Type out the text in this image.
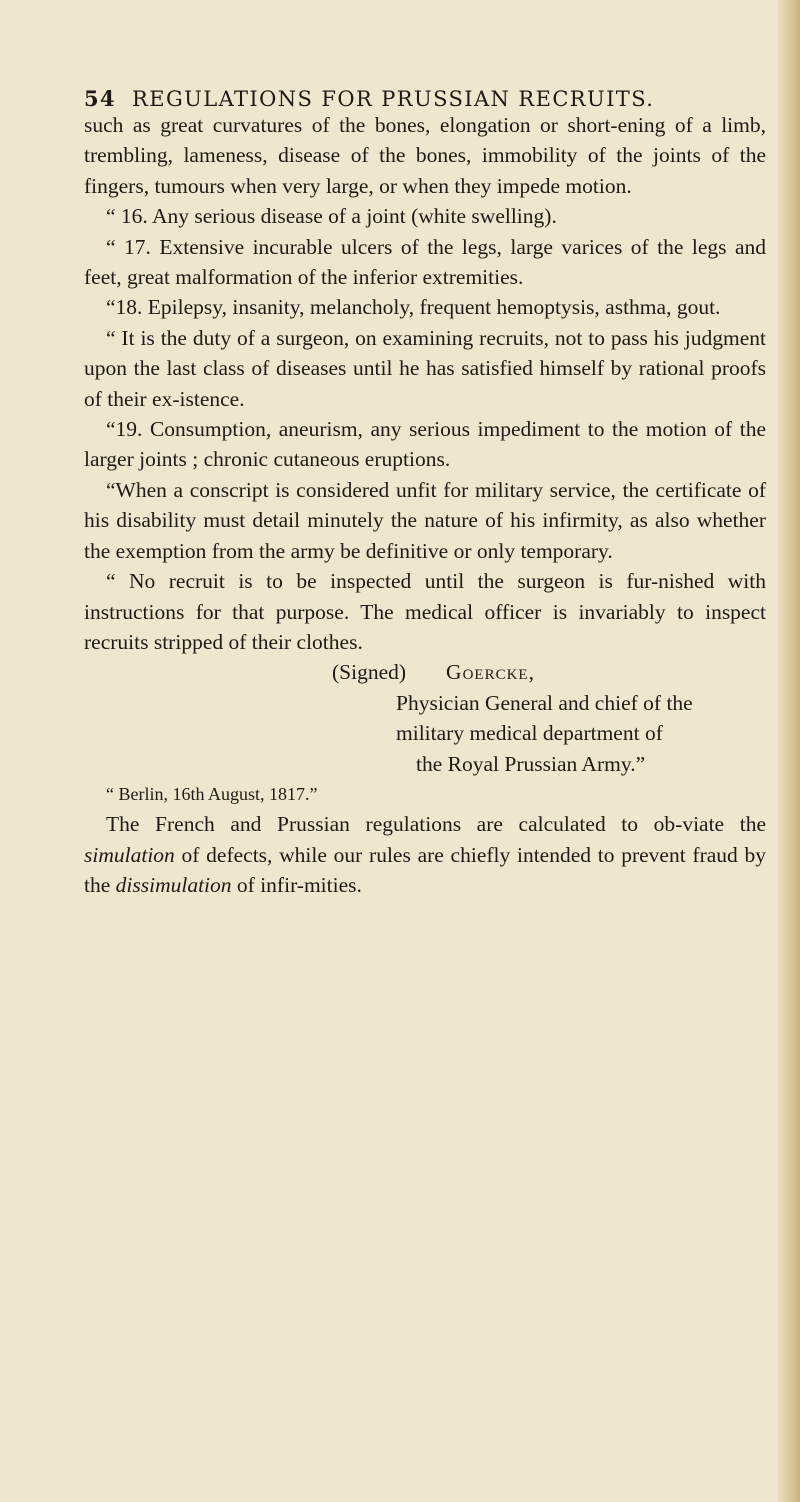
54 REGULATIONS FOR PRUSSIAN RECRUITS.

such as great curvatures of the bones, elongation or short-ening of a limb, trembling, lameness, disease of the bones, immobility of the joints of the fingers, tumours when very large, or when they impede motion.

“ 16. Any serious disease of a joint (white swelling).

“ 17. Extensive incurable ulcers of the legs, large varices of the legs and feet, great malformation of the inferior extremities.

“18. Epilepsy, insanity, melancholy, frequent hemoptysis, asthma, gout.

“ It is the duty of a surgeon, on examining recruits, not to pass his judgment upon the last class of diseases until he has satisfied himself by rational proofs of their ex-istence.

“19. Consumption, aneurism, any serious impediment to the motion of the larger joints ; chronic cutaneous eruptions.

“When a conscript is considered unfit for military service, the certificate of his disability must detail minutely the nature of his infirmity, as also whether the exemption from the army be definitive or only temporary.

“ No recruit is to be inspected until the surgeon is fur-nished with instructions for that purpose. The medical officer is invariably to inspect recruits stripped of their clothes.

(Signed) Goercke,

Physician General and chief of the

military medical department of

the Royal Prussian Army.”

“ Berlin, 16th August, 1817.”

The French and Prussian regulations are calculated to ob-viate the simulation of defects, while our rules are chiefly intended to prevent fraud by the dissimulation of infir-mities.
